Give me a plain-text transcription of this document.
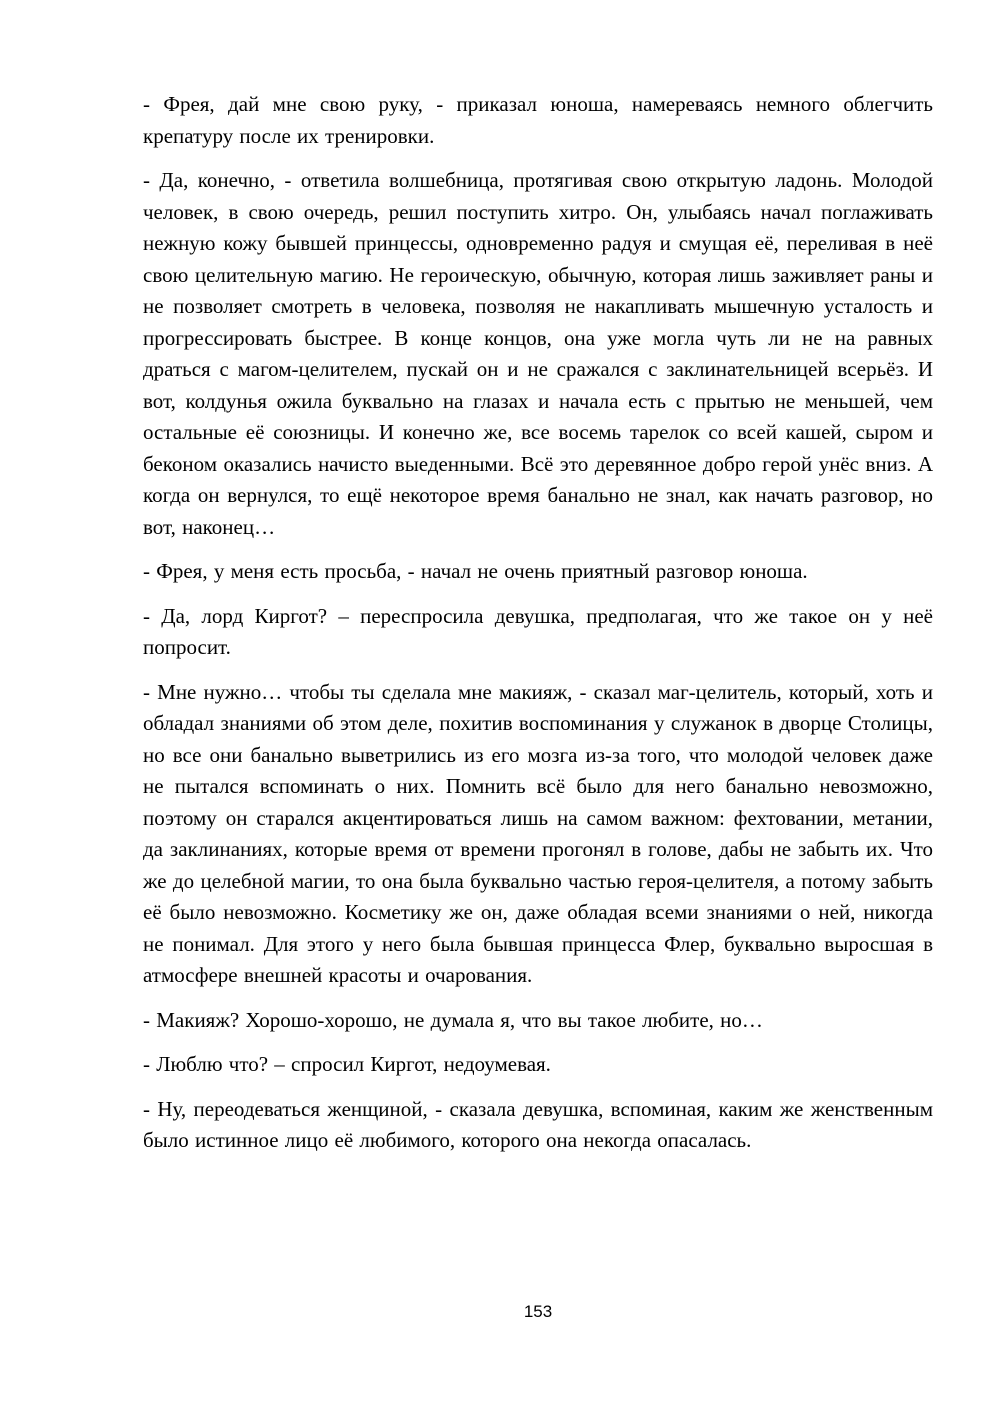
- Фрея, дай мне свою руку, - приказал юноша, намереваясь немного облегчить крепатуру после их тренировки.

- Да, конечно, - ответила волшебница, протягивая свою открытую ладонь. Молодой человек, в свою очередь, решил поступить хитро. Он, улыбаясь начал поглаживать нежную кожу бывшей принцессы, одновременно радуя и смущая её, переливая в неё свою целительную магию. Не героическую, обычную, которая лишь заживляет раны и не позволяет смотреть в человека, позволяя не накапливать мышечную усталость и прогрессировать быстрее. В конце концов, она уже могла чуть ли не на равных драться с магом-целителем, пускай он и не сражался с заклинательницей всерьёз. И вот, колдунья ожила буквально на глазах и начала есть с прытью не меньшей, чем остальные её союзницы. И конечно же, все восемь тарелок со всей кашей, сыром и беконом оказались начисто выеденными. Всё это деревянное добро герой унёс вниз. А когда он вернулся, то ещё некоторое время банально не знал, как начать разговор, но вот, наконец…

- Фрея, у меня есть просьба, - начал не очень приятный разговор юноша.

- Да, лорд Киргот? – переспросила девушка, предполагая, что же такое он у неё попросит.

- Мне нужно… чтобы ты сделала мне макияж, - сказал маг-целитель, который, хоть и обладал знаниями об этом деле, похитив воспоминания у служанок в дворце Столицы, но все они банально выветрились из его мозга из-за того, что молодой человек даже не пытался вспоминать о них. Помнить всё было для него банально невозможно, поэтому он старался акцентироваться лишь на самом важном: фехтовании, метании, да заклинаниях, которые время от времени прогонял в голове, дабы не забыть их. Что же до целебной магии, то она была буквально частью героя-целителя, а потому забыть её было невозможно. Косметику же он, даже обладая всеми знаниями о ней, никогда не понимал. Для этого у него была бывшая принцесса Флер, буквально выросшая в атмосфере внешней красоты и очарования.

- Макияж? Хорошо-хорошо, не думала я, что вы такое любите, но…

- Люблю что? – спросил Киргот, недоумевая.

- Ну, переодеваться женщиной, - сказала девушка, вспоминая, каким же женственным было истинное лицо её любимого, которого она некогда опасалась.

153
